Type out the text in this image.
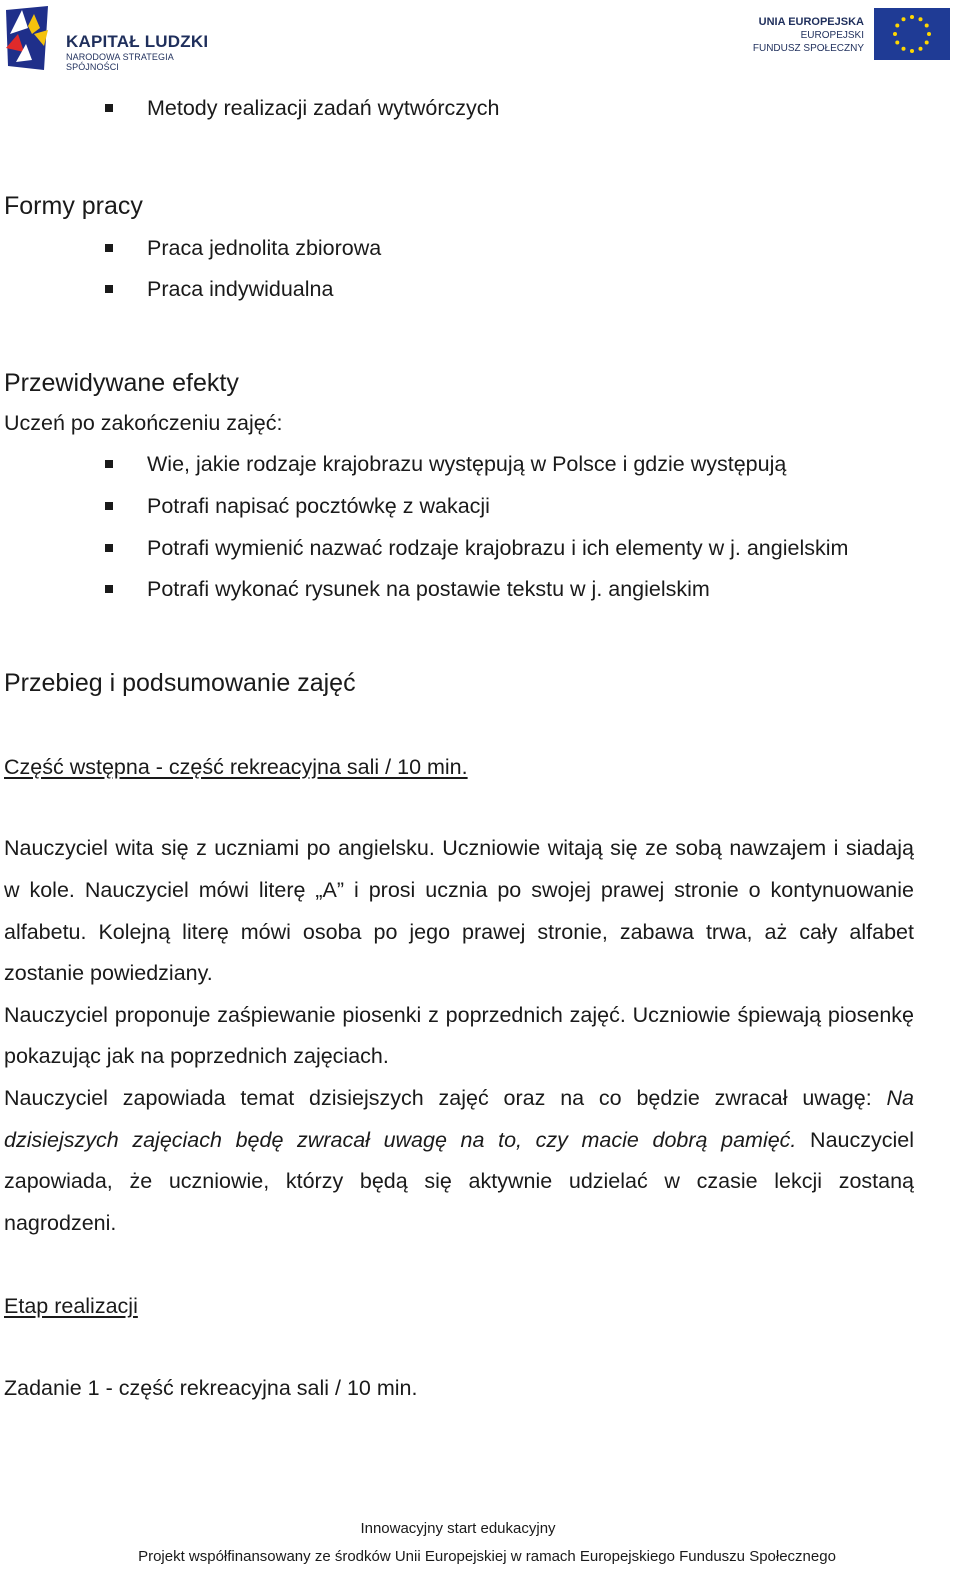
KAPITAŁ LUDZKI
NARODOWA STRATEGIA SPÓJNOŚCI
UNIA EUROPEJSKA
EUROPEJSKI
FUNDUSZ SPOŁECZNY
Metody realizacji zadań wytwórczych
Formy pracy
Praca jednolita zbiorowa
Praca indywidualna
Przewidywane efekty
Uczeń po zakończeniu zajęć:
Wie, jakie rodzaje krajobrazu występują w Polsce i gdzie występują
Potrafi napisać pocztówkę z wakacji
Potrafi wymienić nazwać rodzaje krajobrazu i ich elementy w j. angielskim
Potrafi wykonać rysunek na postawie tekstu w j. angielskim
Przebieg i podsumowanie zajęć
Część wstępna - część rekreacyjna sali / 10 min.
Nauczyciel wita się z uczniami po angielsku. Uczniowie witają się ze sobą nawzajem i siadają w kole. Nauczyciel mówi literę „A” i prosi ucznia po swojej prawej stronie o kontynuowanie alfabetu. Kolejną literę mówi osoba po jego prawej stronie, zabawa trwa, aż cały alfabet zostanie powiedziany.
Nauczyciel proponuje zaśpiewanie piosenki z poprzednich zajęć. Uczniowie śpiewają piosenkę pokazując jak na poprzednich zajęciach.
Nauczyciel zapowiada temat dzisiejszych zajęć oraz na co będzie zwracał uwagę: Na dzisiejszych zajęciach będę zwracał uwagę na to, czy macie dobrą pamięć. Nauczyciel zapowiada, że uczniowie, którzy będą się aktywnie udzielać w czasie lekcji zostaną nagrodzeni.
Etap realizacji
Zadanie 1 - część rekreacyjna sali / 10 min.
Innowacyjny start edukacyjny
Projekt współfinansowany ze środków Unii Europejskiej w ramach Europejskiego Funduszu Społecznego
